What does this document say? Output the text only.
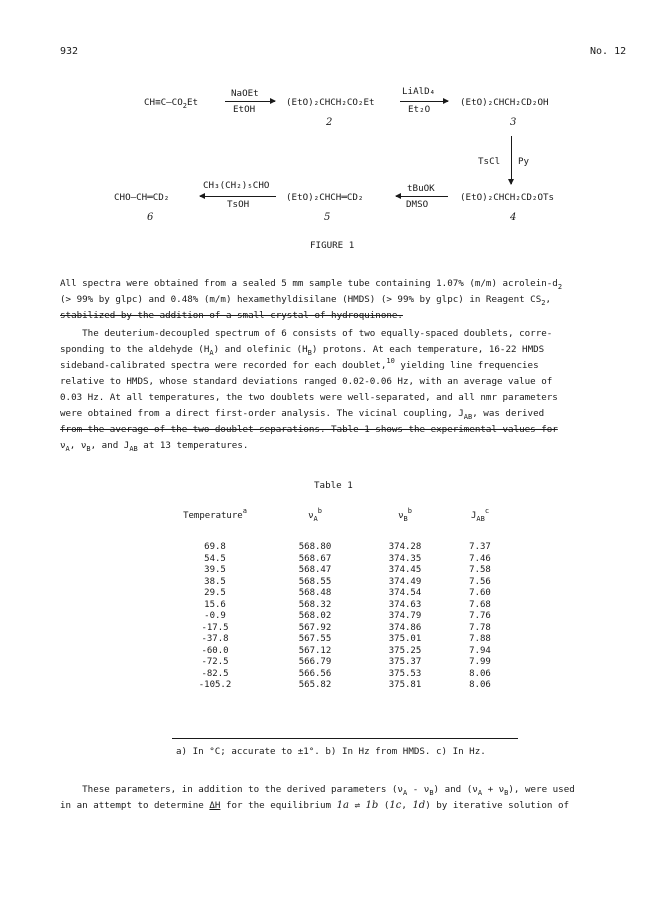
932	No. 12
$CH\equiv C—CO_2Et$
NaOEt
EtOH
(EtO)₂CHCH₂CO₂Et
2
LiAlD₄
Et₂O
(EtO)₂CHCH₂CD₂OH
3
TsCl Py
CHO—CH═CD₂
6
CH₃(CH₂)₅CHO
TsOH
(EtO)₂CHCH═CD₂
5
tBuOK
DMSO
(EtO)₂CHCH₂CD₂OTs
4
FIGURE 1

All spectra were obtained from a sealed 5 mm sample tube containing 1.07% (m/m) acrolein-$d_2$

(> 99% by glpc) and 0.48% (m/m) hexamethyldisilane (HMDS) (> 99% by glpc) in Reagent $CS_2$,

stabilized by the addition of a small crystal of hydroquinone.

The deuterium-decoupled spectrum of 6 consists of two equally-spaced doublets, corre-

sponding to the aldehyde $(H_A)$ and olefinic $(H_B)$ protons. At each temperature, 16-22 HMDS

sideband-calibrated spectra were recorded for each doublet,$^{10}$ yielding line frequencies

relative to HMDS, whose standard deviations ranged 0.02-0.06 Hz, with an average value of

0.03 Hz. At all temperatures, the two doublets were well-separated, and all nmr parameters

were obtained from a direct first-order analysis. The vicinal coupling, $J_{AB}$, was derived

from the average of the two doublet separations. Table 1 shows the experimental values for

$\nu_A$, $\nu_B$, and $J_{AB}$ at 13 temperatures.

Table 1
Temperature$^a$	$\nu_A^b$	$\nu_B^b$	$J_{AB}^c$

69.8	568.80	374.28	7.37
54.5	568.67	374.35	7.46
39.5	568.47	374.45	7.58
38.5	568.55	374.49	7.56
29.5	568.48	374.54	7.60
15.6	568.32	374.63	7.68
-0.9	568.02	374.79	7.76
-17.5	567.92	374.86	7.78
-37.8	567.55	375.01	7.88
-60.0	567.12	375.25	7.94
-72.5	566.79	375.37	7.99
-82.5	566.56	375.53	8.06
-105.2	565.82	375.81	8.06
a) In °C; accurate to ±1°. b) In Hz from HMDS. c) In Hz.

These parameters, in addition to the derived parameters $(\nu_A - \nu_B)$ and $(\nu_A + \nu_B)$, were used

in an attempt to determine ΔH for the equilibrium 1a ⇌ 1b (1c, 1d) by iterative solution of
